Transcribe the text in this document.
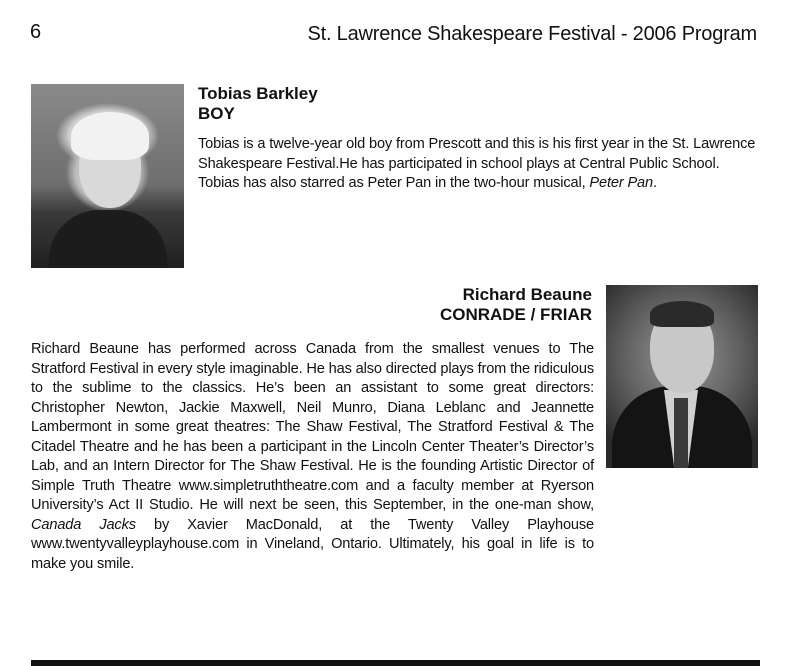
6	St. Lawrence Shakespeare Festival - 2006 Program
Tobias Barkley
BOY

Tobias is a twelve-year old boy from Prescott and this is his first year in the St. Lawrence Shakespeare Festival.He has participated in school plays at Central Public School. Tobias has also starred as Peter Pan in the two-hour musical, Peter Pan.

Richard Beaune
CONRADE / FRIAR

Richard Beaune has performed across Canada from the smallest venues to The Stratford Festival in every style imaginable. He has also directed plays from the ridiculous to the sublime to the classics. He’s been an assistant to some great directors: Christopher Newton, Jackie Maxwell, Neil Munro, Diana Leblanc and Jeannette Lambermont in some great theatres: The Shaw Festival, The Stratford Festival & The Citadel Theatre and he has been a participant in the Lincoln Center Theater’s Director’s Lab, and an Intern Director for The Shaw Festival. He is the founding Artistic Director of Simple Truth Theatre www.simpletruththeatre.com and a faculty member at Ryerson University’s Act II Studio. He will next be seen, this September, in the one-man show, Canada Jacks by Xavier MacDonald, at the Twenty Valley Playhouse www.twentyvalleyplayhouse.com in Vineland, Ontario. Ultimately, his goal in life is to make you smile.
